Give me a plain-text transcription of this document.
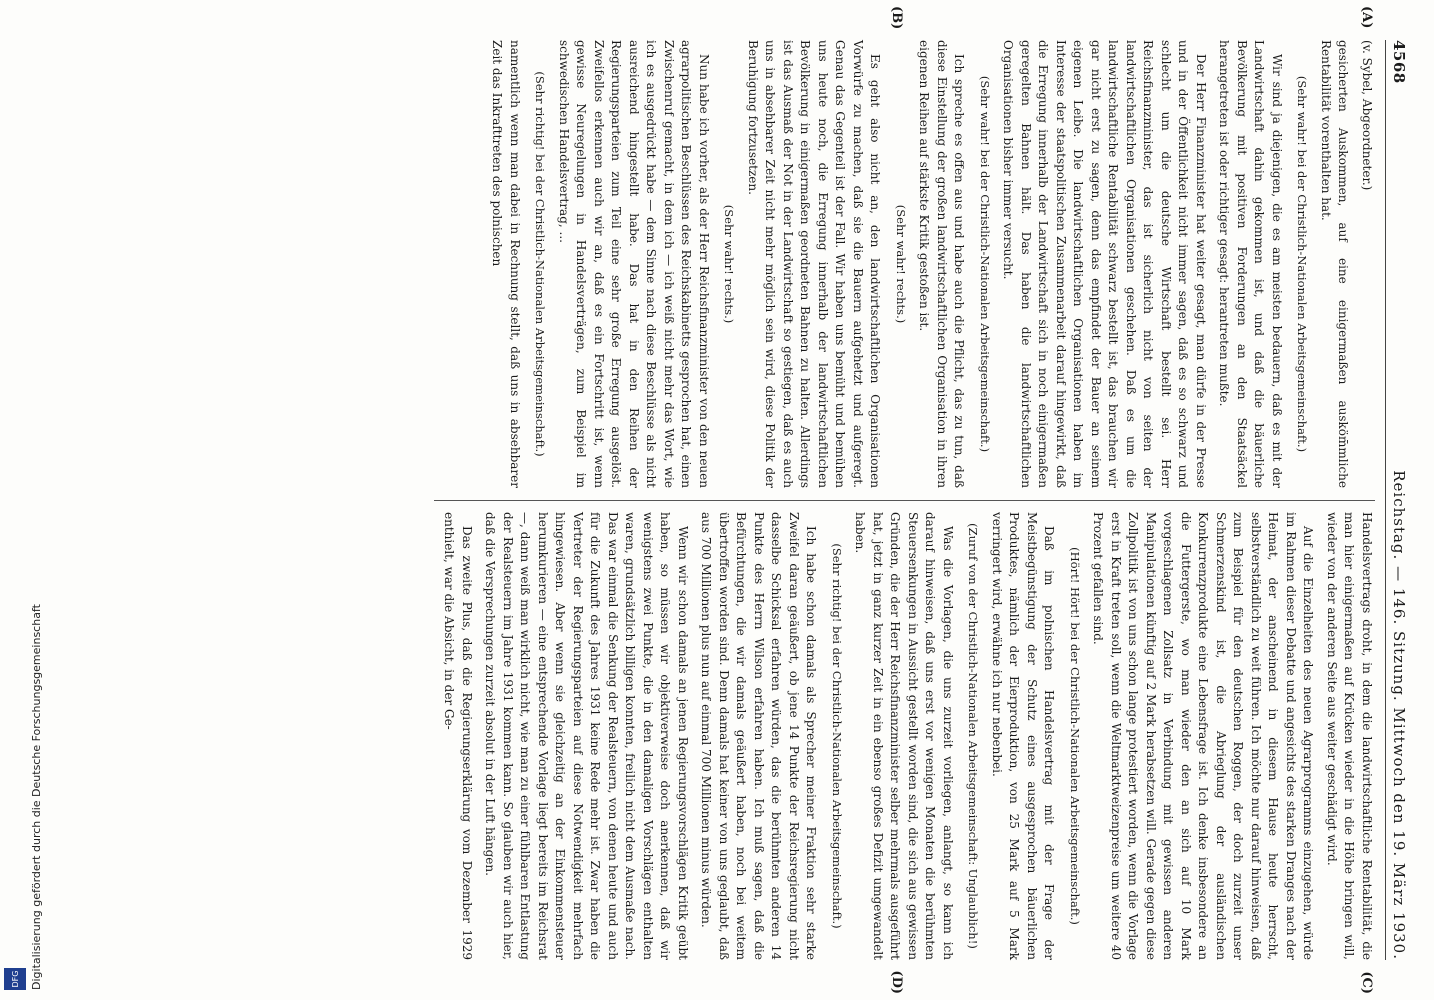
DFG Digitalisierung gefördert durch die Deutsche Forschungsgemeinschaft
4568
Reichstag. — 146. Sitzung. Mittwoch den 19. März 1930.
(A)
(B)

(v. Sybel, Abgeordneter.)

gesicherten Auskommen, auf eine einigermaßen ausköm̄mliche Rentabilität vorenthalten hat.

(Sehr wahr! bei der Christlich-Nationalen Arbeitsgemeinschaft.)

Wir sind ja diejenigen, die es am meisten bedauern, daß es mit der Landwirtschaft dahin gekommen ist, und daß die bäuerliche Bevölkerung mit positiven Forderungen an den Staatsäckel herangetreten ist oder richtiger gesagt: herantreten mußte.

Der Herr Finanzminister hat weiter gesagt, man dürfe in der Presse und in der Öffentlichkeit nicht immer sagen, daß es so schwarz und schlecht um die deutsche Wirtschaft bestellt sei. Herr Reichsfinanzminister, das ist sicherlich nicht von seiten der landwirtschaftlichen Organisationen geschehen. Daß es um die landwirtschaftliche Rentabilität schwarz bestellt ist, das brauchen wir gar nicht erst zu sagen, denn das empfindet der Bauer an seinem eigenen Leibe. Die landwirtschaftlichen Organisationen haben im Interesse der staatspolitischen Zusammenarbeit darauf hingewirkt, daß die Erregung innerhalb der Landwirtschaft sich in noch einigermaßen geregelten Bahnen hält. Das haben die landwirtschaftlichen Organisationen bisher immer versucht.

(Sehr wahr! bei der Christlich-Nationalen Arbeitsgemeinschaft.)

Ich spreche es offen aus und habe auch die Pflicht, das zu tun, daß diese Einstellung der großen landwirtschaftlichen Organisation in ihren eigenen Reihen auf stärkste Kritik gestoßen ist.

(Sehr wahr! rechts.)

Es geht also nicht an, den landwirtschaftlichen Organisationen Vorwürfe zu machen, daß sie die Bauern aufgehetzt und aufgeregt. Genau das Gegenteil ist der Fall. Wir haben uns bemüht und bemühen uns heute noch, die Erregung innerhalb der landwirtschaftlichen Bevölkerung in einigermaßen geordneten Bahnen zu halten. Allerdings ist das Ausmaß der Not in der Landwirtschaft so gestiegen, daß es auch uns in absehbarer Zeit nicht mehr möglich sein wird, diese Politik der Beruhigung fortzusetzen.

(Sehr wahr! rechts.)

Nun habe ich vorher, als der Herr Reichsfinanzminister von den neuen agrarpolitischen Beschlüssen des Reichskabinetts gesprochen hat, einen Zwischenruf gemacht, in dem ich — ich weiß nicht mehr das Wort, wie ich es ausgedrückt habe — dem Sinne nach diese Beschlüsse als nicht ausreichend hingestellt habe. Das hat in den Reihen der Regierungsparteien zum Teil eine sehr große Erregung ausgelöst. Zweifellos erkennen auch wir an, daß es ein Fortschritt ist, wenn gewisse Neuregelungen in Handelsverträgen, zum Beispiel im schwedischen Handelsvertrag, ...

(Sehr richtig! bei der Christlich-Nationalen Arbeitsgemeinschaft.)

namentlich wenn man dabei in Rechnung stellt, daß uns in absehbarer Zeit das Inkrafttreten des polnischen

(C)
(D)

Handelsvertrags droht, in dem die landwirtschaftliche Rentabilität, die man hier einigermaßen auf Krücken wieder in die Höhe bringen will, wieder von der anderen Seite aus weiter geschädigt wird.

Auf die Einzelheiten des neuen Agrarprogramms einzugehen, würde im Rahmen dieser Debatte und angesichts des starken Dranges nach der Heimat, der anscheinend in diesem Hause heute herrscht, selbstverständlich zu weit führen. Ich möchte nur darauf hinweisen, daß zum Beispiel für den deutschen Roggen, der doch zurzeit unser Schmerzenskind ist, die Abrieglung der ausländischen Konkurrenzprodukte eine Lebensfrage ist. Ich denke insbesondere an die Futtergerste, wo man wieder den an sich auf 10 Mark vorgeschlagenen Zollsatz in Verbindung mit gewissen anderen Manipulationen künftig auf 2 Mark herabsetzen will. Gerade gegen diese Zollpolitik ist von uns schon lange protestiert worden, wenn die Vorlage erst in Kraft treten soll, wenn die Weltmarktweizenpreise um weitere 40 Prozent gefallen sind.

(Hört! Hört! bei der Christlich-Nationalen Arbeitsgemeinschaft.)

Daß im polnischen Handelsvertrag mit der Frage der Meistbegünstigung der Schutz eines ausgesprochen bäuerlichen Produktes, nämlich der Eierproduktion, von 25 Mark auf 5 Mark verringert wird, erwähne ich nur nebenbei.

(Zuruf von der Christlich-Nationalen Arbeitsgemeinschaft: Unglaublich!)

Was die Vorlagen, die uns zurzeit vorliegen, anlangt, so kann ich darauf hinweisen, daß uns erst vor wenigen Monaten die berühmten Steuersenkungen in Aussicht gestellt worden sind, die sich aus gewissen Gründen, die der Herr Reichsfinanzminister selber mehrmals ausgeführt hat, jetzt in ganz kurzer Zeit in ein ebenso großes Defizit umgewandelt haben.

(Sehr richtig! bei der Christlich-Nationalen Arbeitsgemeinschaft.)

Ich habe schon damals als Sprecher meiner Fraktion sehr starke Zweifel daran geäußert, ob jene 14 Punkte der Reichsregierung nicht dasselbe Schicksal erfahren würden, das die berühmten anderen 14 Punkte des Herrn Wilson erfahren haben. Ich muß sagen, daß die Befürchtungen, die wir damals geäußert haben, noch bei weitem übertroffen worden sind. Denn damals hat keiner von uns geglaubt, daß aus 700 Millionen plus nun auf einmal 700 Millionen minus würden.

Wenn wir schon damals an jenen Regierungsvorschlägen Kritik geübt haben, so müssen wir objektiverweise doch anerkennen, daß wir wenigstens zwei Punkte, die in den damaligen Vorschlägen enthalten waren, grundsätzlich billigen konnten, freilich nicht dem Ausmaße nach. Das war einmal die Senkung der Realsteuern, von denen heute und auch für die Zukunft des Jahres 1931 keine Rede mehr ist. Zwar haben die Vertreter der Regierungsparteien auf diese Notwendigkeit mehrfach hingewiesen. Aber wenn sie gleichzeitig an der Einkommensteuer herumkurieren — eine entsprechende Vorlage liegt bereits im Reichsrat —, dann weiß man wirklich nicht, wie man zu einer fühlbaren Entlastung der Realsteuern im Jahre 1931 kommen kann. So glauben wir auch hier, daß die Versprechungen zurzeit absolut in der Luft hängen.

Das zweite Plus, daß die Regierungserklärung vom Dezember 1929 enthielt, war die Absicht, in der Ge-
